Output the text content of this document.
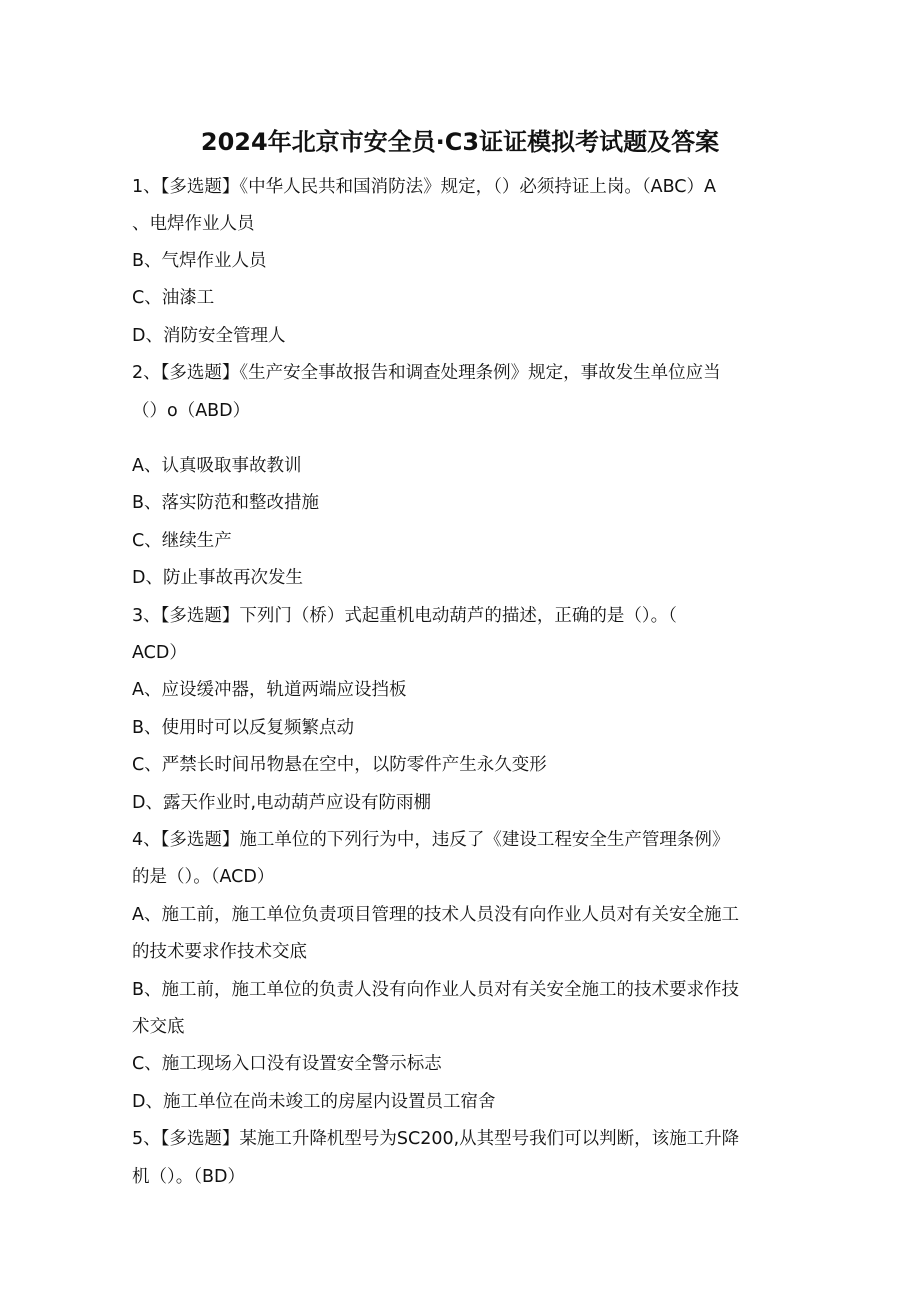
2024年北京市安全员·C3证证模拟考试题及答案
1、【多选题】《中华人民共和国消防法》规定，（）必须持证上岗。（ABC）A
、电焊作业人员
B、气焊作业人员
C、油漆工
D、消防安全管理人
2、【多选题】《生产安全事故报告和调查处理条例》规定，事故发生单位应当
（）o（ABD）
A、认真吸取事故教训
B、落实防范和整改措施
C、继续生产
D、防止事故再次发生
3、【多选题】下列门（桥）式起重机电动葫芦的描述，正确的是（）。（
ACD）
A、应设缓冲器，轨道两端应设挡板
B、使用时可以反复频繁点动
C、严禁长时间吊物悬在空中，以防零件产生永久变形
D、露天作业时,电动葫芦应设有防雨棚
4、【多选题】施工单位的下列行为中，违反了《建设工程安全生产管理条例》
的是（）。（ACD）
A、施工前，施工单位负责项目管理的技术人员没有向作业人员对有关安全施工
的技术要求作技术交底
B、施工前，施工单位的负责人没有向作业人员对有关安全施工的技术要求作技
术交底
C、施工现场入口没有设置安全警示标志
D、施工单位在尚未竣工的房屋内设置员工宿舍
5、【多选题】某施工升降机型号为SC200,从其型号我们可以判断，该施工升降
机（）。（BD）
